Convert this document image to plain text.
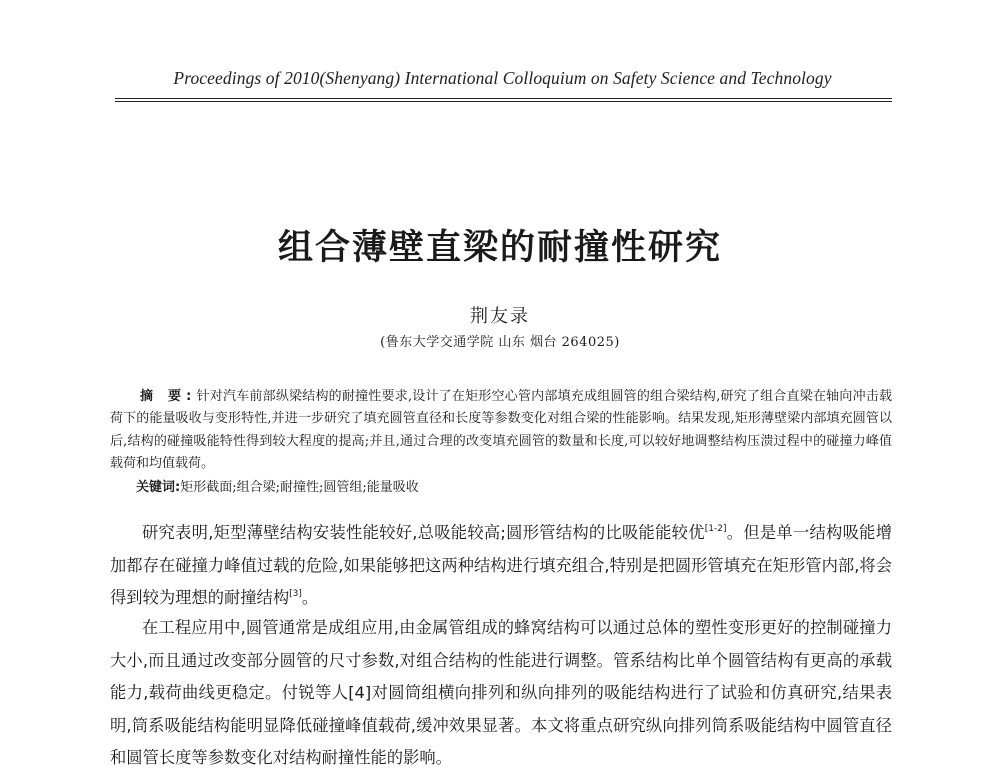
Proceedings of 2010(Shenyang) International Colloquium on Safety Science and Technology
组合薄壁直梁的耐撞性研究
荆友录
(鲁东大学交通学院 山东 烟台 264025)
摘 要:针对汽车前部纵梁结构的耐撞性要求,设计了在矩形空心管内部填充成组圆管的组合梁结构,研究了组合直梁在轴向冲击载荷下的能量吸收与变形特性,并进一步研究了填充圆管直径和长度等参数变化对组合梁的性能影响。结果发现,矩形薄壁梁内部填充圆管以后,结构的碰撞吸能特性得到较大程度的提高;并且,通过合理的改变填充圆管的数量和长度,可以较好地调整结构压溃过程中的碰撞力峰值载荷和均值载荷。
关键词:矩形截面;组合梁;耐撞性;圆管组;能量吸收

研究表明,矩型薄壁结构安装性能较好,总吸能较高;圆形管结构的比吸能能较优[1-2]。但是单一结构吸能增加都存在碰撞力峰值过载的危险,如果能够把这两种结构进行填充组合,特别是把圆形管填充在矩形管内部,将会得到较为理想的耐撞结构[3]。

在工程应用中,圆管通常是成组应用,由金属管组成的蜂窝结构可以通过总体的塑性变形更好的控制碰撞力大小,而且通过改变部分圆管的尺寸参数,对组合结构的性能进行调整。管系结构比单个圆管结构有更高的承载能力,载荷曲线更稳定。付锐等人[4]对圆筒组横向排列和纵向排列的吸能结构进行了试验和仿真研究,结果表明,筒系吸能结构能明显降低碰撞峰值载荷,缓冲效果显著。本文将重点研究纵向排列筒系吸能结构中圆管直径和圆管长度等参数变化对结构耐撞性能的影响。
